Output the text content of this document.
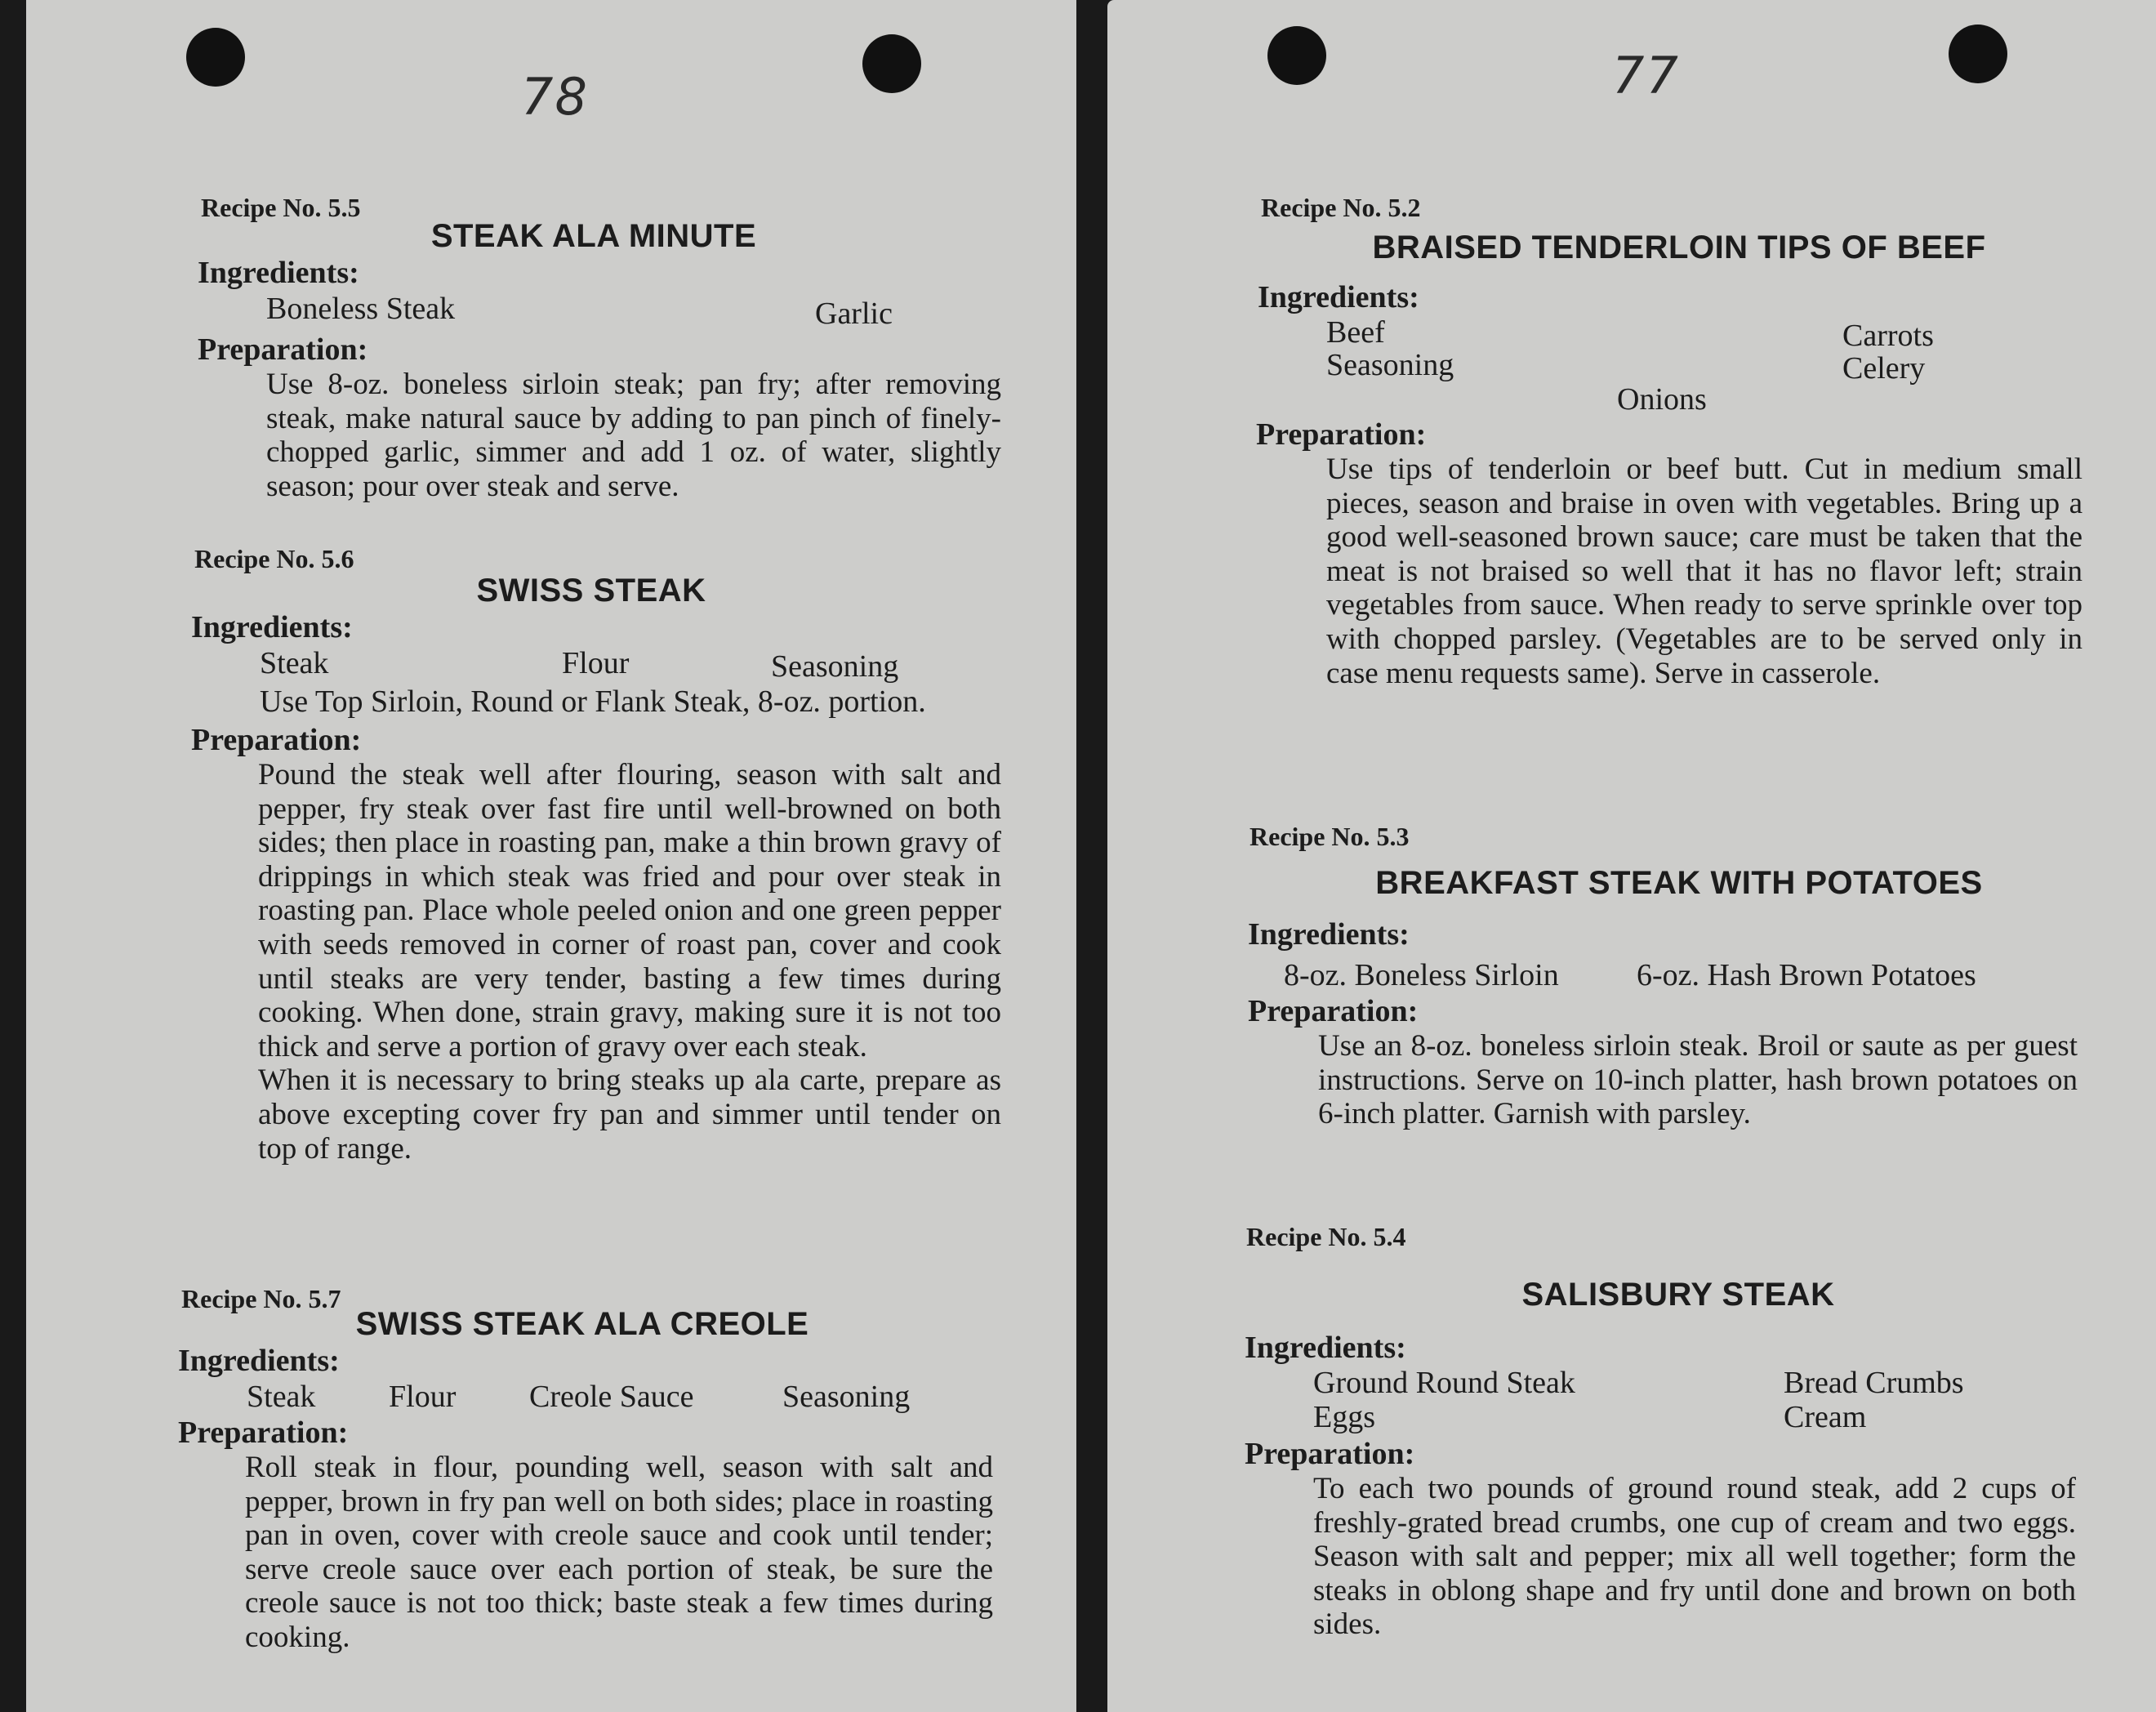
78

Recipe No. 5.5

STEAK ALA MINUTE

Ingredients:

Boneless Steak	Garlic

Preparation:

Use 8-oz. boneless sirloin steak; pan fry; after removing steak, make natural sauce by adding to pan pinch of finely-chopped garlic, simmer and add 1 oz. of water, slightly season; pour over steak and serve.

Recipe No. 5.6

SWISS STEAK

Ingredients:

Steak	Flour	Seasoning

Use Top Sirloin, Round or Flank Steak, 8-oz. portion.

Preparation:

Pound the steak well after flouring, season with salt and pepper, fry steak over fast fire until well-browned on both sides; then place in roasting pan, make a thin brown gravy of drippings in which steak was fried and pour over steak in roasting pan. Place whole peeled onion and one green pepper with seeds removed in corner of roast pan, cover and cook until steaks are very tender, basting a few times during cooking. When done, strain gravy, making sure it is not too thick and serve a portion of gravy over each steak.

When it is necessary to bring steaks up ala carte, prepare as above excepting cover fry pan and simmer until tender on top of range.

Recipe No. 5.7

SWISS STEAK ALA CREOLE

Ingredients:

Steak	Flour	Creole Sauce	Seasoning

Preparation:

Roll steak in flour, pounding well, season with salt and pepper, brown in fry pan well on both sides; place in roasting pan in oven, cover with creole sauce and cook until tender; serve creole sauce over each portion of steak, be sure the creole sauce is not too thick; baste steak a few times during cooking.

77

Recipe No. 5.2

BRAISED TENDERLOIN TIPS OF BEEF

Ingredients:

Beef	Carrots
Seasoning	Celery
Onions

Preparation:

Use tips of tenderloin or beef butt. Cut in medium small pieces, season and braise in oven with vegetables. Bring up a good well-seasoned brown sauce; care must be taken that the meat is not braised so well that it has no flavor left; strain vegetables from sauce. When ready to serve sprinkle over top with chopped parsley. (Vegetables are to be served only in case menu requests same). Serve in casserole.

Recipe No. 5.3

BREAKFAST STEAK WITH POTATOES

Ingredients:

8-oz. Boneless Sirloin	6-oz. Hash Brown Potatoes

Preparation:

Use an 8-oz. boneless sirloin steak. Broil or saute as per guest instructions. Serve on 10-inch platter, hash brown potatoes on 6-inch platter. Garnish with parsley.

Recipe No. 5.4

SALISBURY STEAK

Ingredients:

Ground Round Steak	Bread Crumbs
Eggs	Cream

Preparation:

To each two pounds of ground round steak, add 2 cups of freshly-grated bread crumbs, one cup of cream and two eggs. Season with salt and pepper; mix all well together; form the steaks in oblong shape and fry until done and brown on both sides.
